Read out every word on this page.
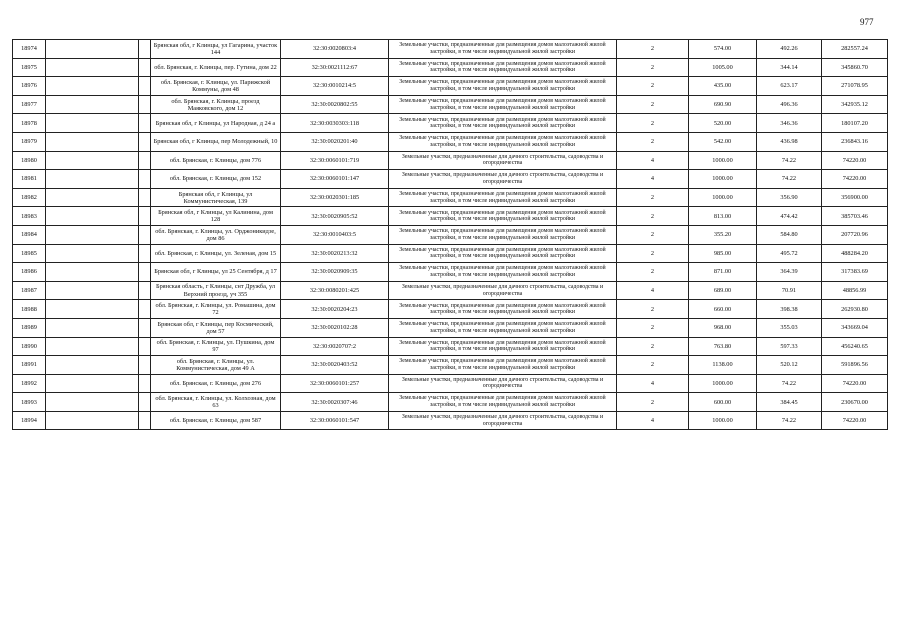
977
18974			Брянская обл, г Клинцы, ул Гагарина, участок 144	32:30:0020803:4	Земельные участки, предназначенные для размещения домов малоэтажной жилой застройки, в том числе индивидуальной жилой застройки	2	574.00	492.26	282557.24
18975			обл. Брянская, г. Клинцы, пер. Гутина, дом 22	32:30:0021112:67	Земельные участки, предназначенные для размещения домов малоэтажной жилой застройки, в том числе индивидуальной жилой застройки	2	1005.00	344.14	345860.70
18976			обл. Брянская, г. Клинцы, ул. Парижской Коммуны, дом 48	32:30:0010214:5	Земельные участки, предназначенные для размещения домов малоэтажной жилой застройки, в том числе индивидуальной жилой застройки	2	435.00	623.17	271078.95
18977			обл. Брянская, г. Клинцы, проезд Маяковского, дом 12	32:30:0020802:55	Земельные участки, предназначенные для размещения домов малоэтажной жилой застройки, в том числе индивидуальной жилой застройки	2	690.90	496.36	342935.12
18978			Брянская обл, г Клинцы, ул Народная, д 24 а	32:30:0030303:118	Земельные участки, предназначенные для размещения домов малоэтажной жилой застройки, в том числе индивидуальной жилой застройки	2	520.00	346.36	180107.20
18979			Брянская обл, г Клинцы, пер Молодежный, 10	32:30:0020201:40	Земельные участки, предназначенные для размещения домов малоэтажной жилой застройки, в том числе индивидуальной жилой застройки	2	542.00	436.98	236843.16
18980			обл. Брянская, г. Клинцы, дом 776	32:30:0060101:719	Земельные участки, предназначенные для дачного строительства, садоводства и огородничества	4	1000.00	74.22	74220.00
18981			обл. Брянская, г. Клинцы, дом 152	32:30:0060101:147	Земельные участки, предназначенные для дачного строительства, садоводства и огородничества	4	1000.00	74.22	74220.00
18982			Брянская обл, г Клинцы, ул Коммунистическая, 139	32:30:0020301:185	Земельные участки, предназначенные для размещения домов малоэтажной жилой застройки, в том числе индивидуальной жилой застройки	2	1000.00	356.90	356900.00
18983			Брянская обл, г Клинцы, ул Калинина, дом 128	32:30:0020905:52	Земельные участки, предназначенные для размещения домов малоэтажной жилой застройки, в том числе индивидуальной жилой застройки	2	813.00	474.42	385703.46
18984			обл. Брянская, г. Клинцы, ул. Орджоникидзе, дом 86	32:30:0010403:5	Земельные участки, предназначенные для размещения домов малоэтажной жилой застройки, в том числе индивидуальной жилой застройки	2	355.20	584.80	207720.96
18985			обл. Брянская, г. Клинцы, ул. Зеленая, дом 15	32:30:0020213:32	Земельные участки, предназначенные для размещения домов малоэтажной жилой застройки, в том числе индивидуальной жилой застройки	2	985.00	495.72	488284.20
18986			Брянская обл, г Клинцы, ул 25 Сентября, д 17	32:30:0020909:35	Земельные участки, предназначенные для размещения домов малоэтажной жилой застройки, в том числе индивидуальной жилой застройки	2	871.00	364.39	317383.69
18987			Брянская область, г Клинцы, снт Дружба, ул Верхний проезд, уч 355	32:30:0080201:425	Земельные участки, предназначенные для дачного строительства, садоводства и огородничества	4	689.00	70.91	48856.99
18988			обл. Брянская, г. Клинцы, ул. Ромашина, дом 72	32:30:0020204:23	Земельные участки, предназначенные для размещения домов малоэтажной жилой застройки, в том числе индивидуальной жилой застройки	2	660.00	398.38	262930.80
18989			Брянская обл, г Клинцы, пер Космический, дом 57	32:30:0020102:28	Земельные участки, предназначенные для размещения домов малоэтажной жилой застройки, в том числе индивидуальной жилой застройки	2	968.00	355.03	343669.04
18990			обл. Брянская, г. Клинцы, ул. Пушкина, дом 97	32:30:0020707:2	Земельные участки, предназначенные для размещения домов малоэтажной жилой застройки, в том числе индивидуальной жилой застройки	2	763.80	597.33	456240.65
18991			обл. Брянская, г. Клинцы, ул. Коммунистическая, дом 49 А	32:30:0020403:52	Земельные участки, предназначенные для размещения домов малоэтажной жилой застройки, в том числе индивидуальной жилой застройки	2	1138.00	520.12	591896.56
18992			обл. Брянская, г. Клинцы, дом 276	32:30:0060101:257	Земельные участки, предназначенные для дачного строительства, садоводства и огородничества	4	1000.00	74.22	74220.00
18993			обл. Брянская, г. Клинцы, ул. Колхозная, дом 63	32:30:0020307:46	Земельные участки, предназначенные для размещения домов малоэтажной жилой застройки, в том числе индивидуальной жилой застройки	2	600.00	384.45	230670.00
18994			обл. Брянская, г. Клинцы, дом 587	32:30:0060101:547	Земельные участки, предназначенные для дачного строительства, садоводства и огородничества	4	1000.00	74.22	74220.00
